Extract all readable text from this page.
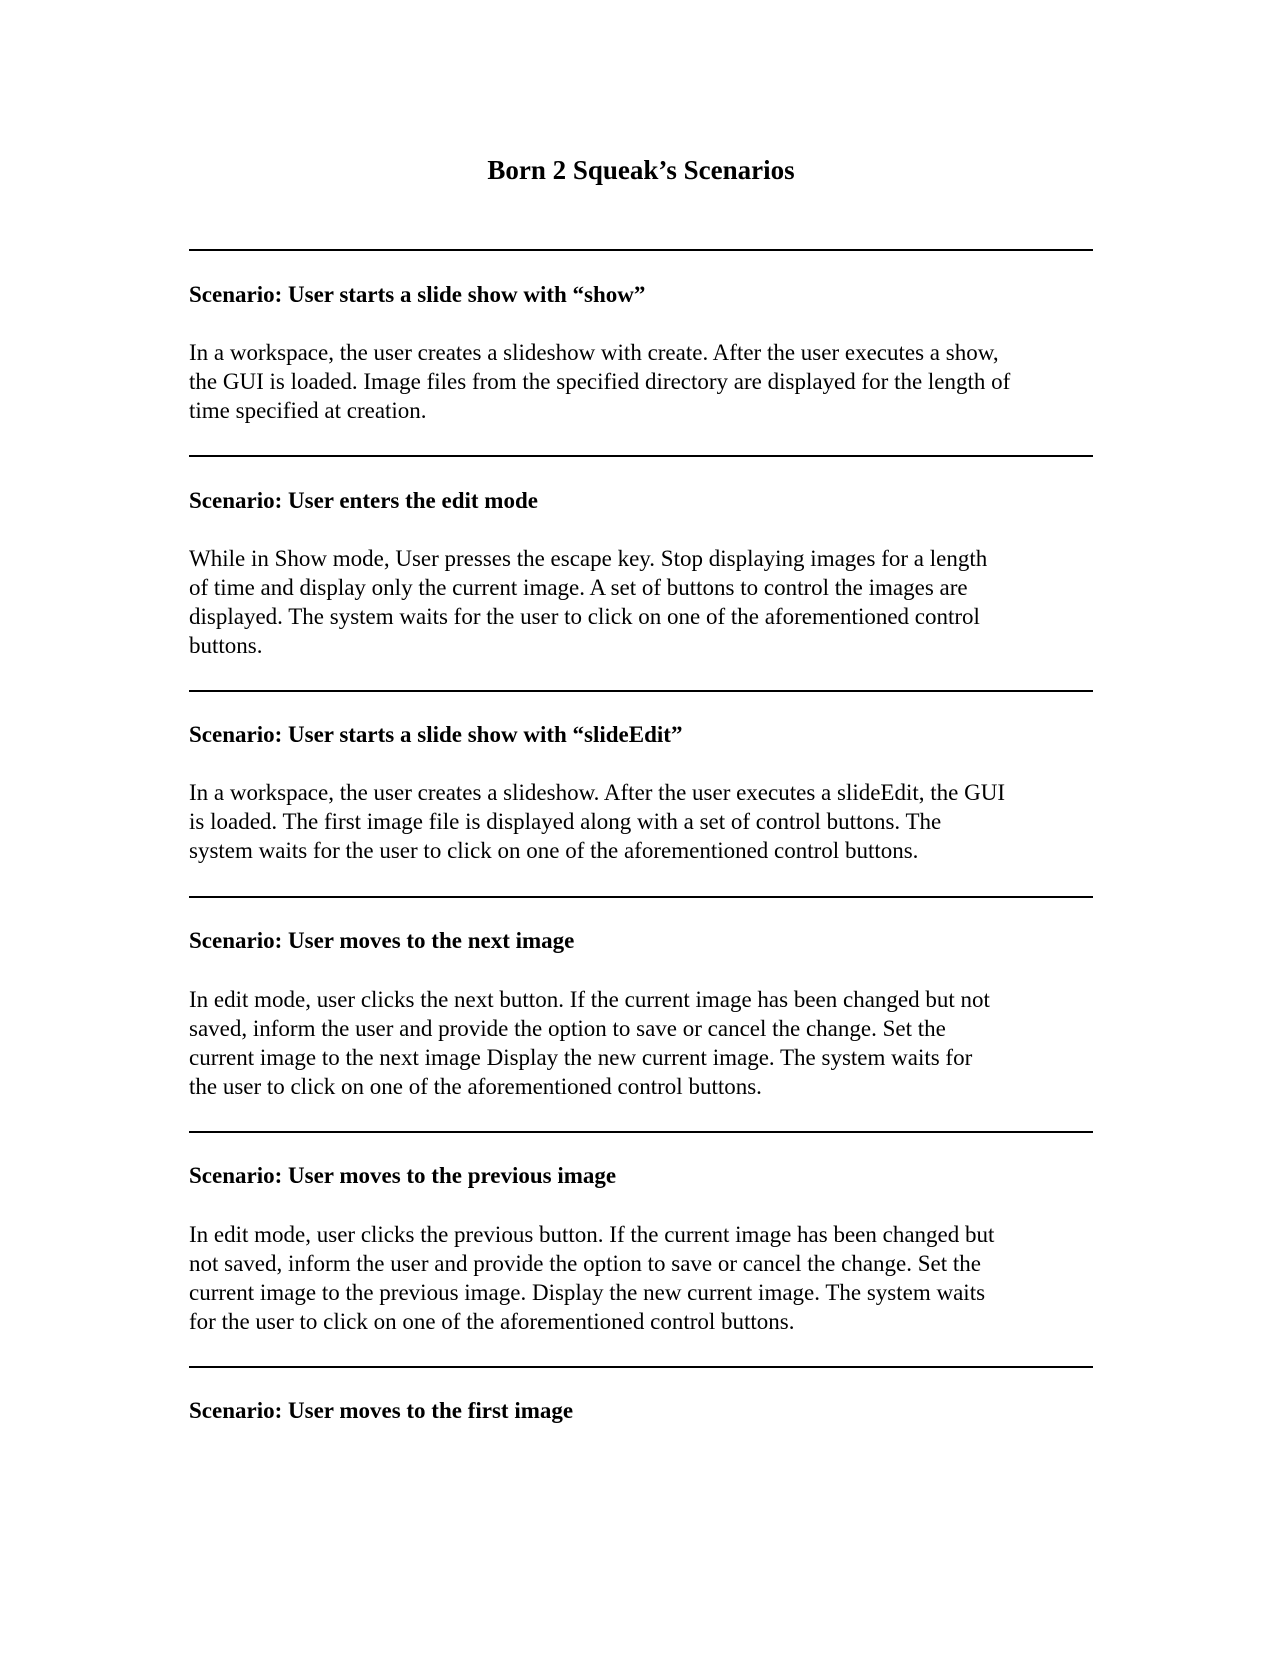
Born 2 Squeak’s Scenarios
Scenario: User starts a slide show with “show”
In a workspace, the user creates a slideshow with create. After the user executes a show,
the GUI is loaded. Image files from the specified directory are displayed for the length of
time specified at creation.
Scenario: User enters the edit mode
While in Show mode, User presses the escape key. Stop displaying images for a length
of time and display only the current image. A set of buttons to control the images are
displayed. The system waits for the user to click on one of the aforementioned control
buttons.
Scenario: User starts a slide show with “slideEdit”
In a workspace, the user creates a slideshow. After the user executes a slideEdit, the GUI
is loaded. The first image file is displayed along with a set of control buttons. The
system waits for the user to click on one of the aforementioned control buttons.
Scenario: User moves to the next image
In edit mode, user clicks the next button. If the current image has been changed but not
saved, inform the user and provide the option to save or cancel the change. Set the
current image to the next image Display the new current image. The system waits for
the user to click on one of the aforementioned control buttons.
Scenario: User moves to the previous image
In edit mode, user clicks the previous button. If the current image has been changed but
not saved, inform the user and provide the option to save or cancel the change. Set the
current image to the previous image. Display the new current image. The system waits
for the user to click on one of the aforementioned control buttons.
Scenario: User moves to the first image
